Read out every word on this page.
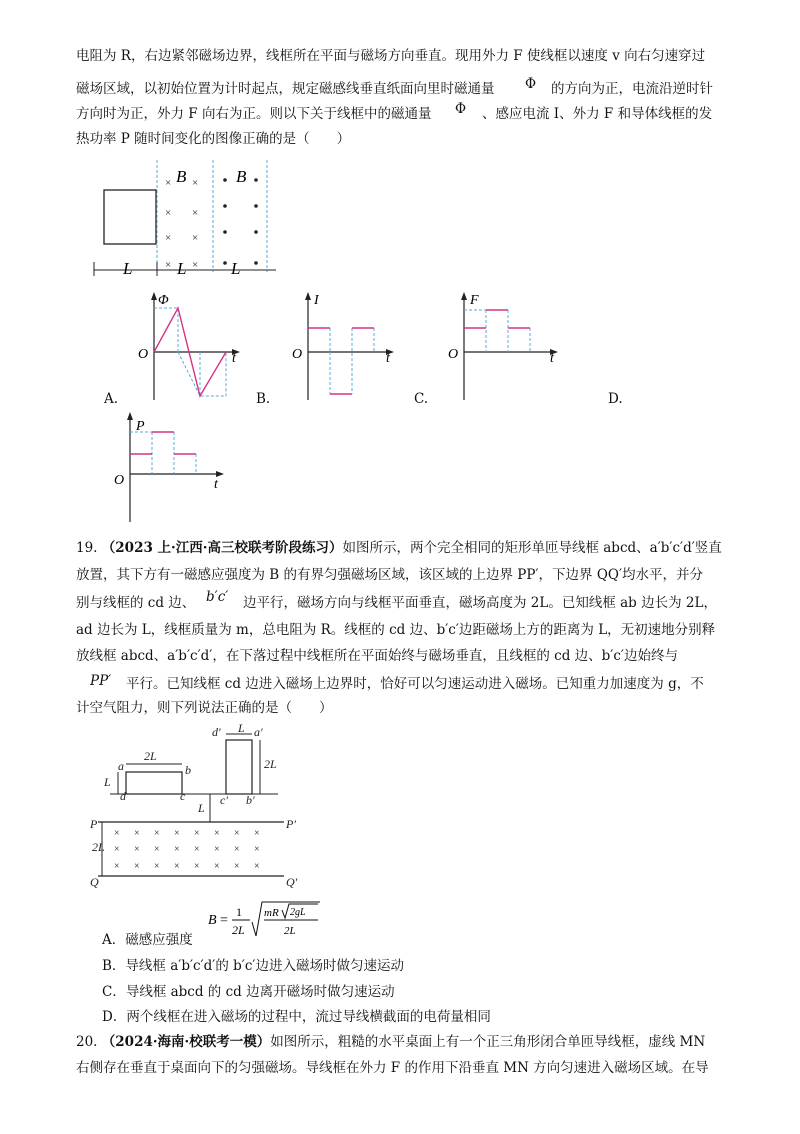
电阻为 R，右边紧邻磁场边界，线框所在平面与磁场方向垂直。现用外力 F 使线框以速度 v 向右匀速穿过
磁场区域，以初始位置为计时起点，规定磁感线垂直纸面向里时磁通量 Φ 的方向为正，电流沿逆时针
方向时为正，外力 F 向右为正。则以下关于线框中的磁通量 Φ 、感应电流 I、外力 F 和导体线框的发
热功率 P 随时间变化的图像正确的是（　　）
× ×
× ×
× ×
× ×
B	B
L	L	L
Φ
O	t
A.
I
O	t
B.
F
O	t
C.	D.
P
O	t
19. （2023 上·江西·高三校联考阶段练习）如图所示，两个完全相同的矩形单匝导线框 abcd、a′b′c′d′竖直
放置，其下方有一磁感应强度为 B 的有界匀强磁场区域，该区域的上边界 PP′，下边界 QQ′均水平，并分
别与线框的 cd 边、 b′c′ 边平行，磁场方向与线框平面垂直，磁场高度为 2L。已知线框 ab 边长为 2L，
ad 边长为 L，线框质量为 m，总电阻为 R。线框的 cd 边、b′c′边距磁场上方的距离为 L，无初速地分别释
放线框 abcd、a′b′c′d′，在下落过程中线框所在平面始终与磁场垂直，且线框的 cd 边、b′c′边始终与
PP′ 平行。已知线框 cd 边进入磁场上边界时，恰好可以匀速运动进入磁场。已知重力加速度为 g，不
计空气阻力，则下列说法正确的是（　　）
a	b
d	c
d′	a′
c′ b′
2L
L
L
2L
L
2L
P	P′
Q	Q′
× × × × × × × ×
× × × × × × × ×
× × × × × × × ×
A．磁感应强度
B =
1
2L
mR 2gL
2L
B．导线框 a′b′c′d′的 b′c′边进入磁场时做匀速运动
C．导线框 abcd 的 cd 边离开磁场时做匀速运动
D．两个线框在进入磁场的过程中，流过导线横截面的电荷量相同
20. （2024·海南·校联考一模）如图所示，粗糙的水平桌面上有一个正三角形闭合单匝导线框，虚线 MN
右侧存在垂直于桌面向下的匀强磁场。导线框在外力 F 的作用下沿垂直 MN 方向匀速进入磁场区域。在导
